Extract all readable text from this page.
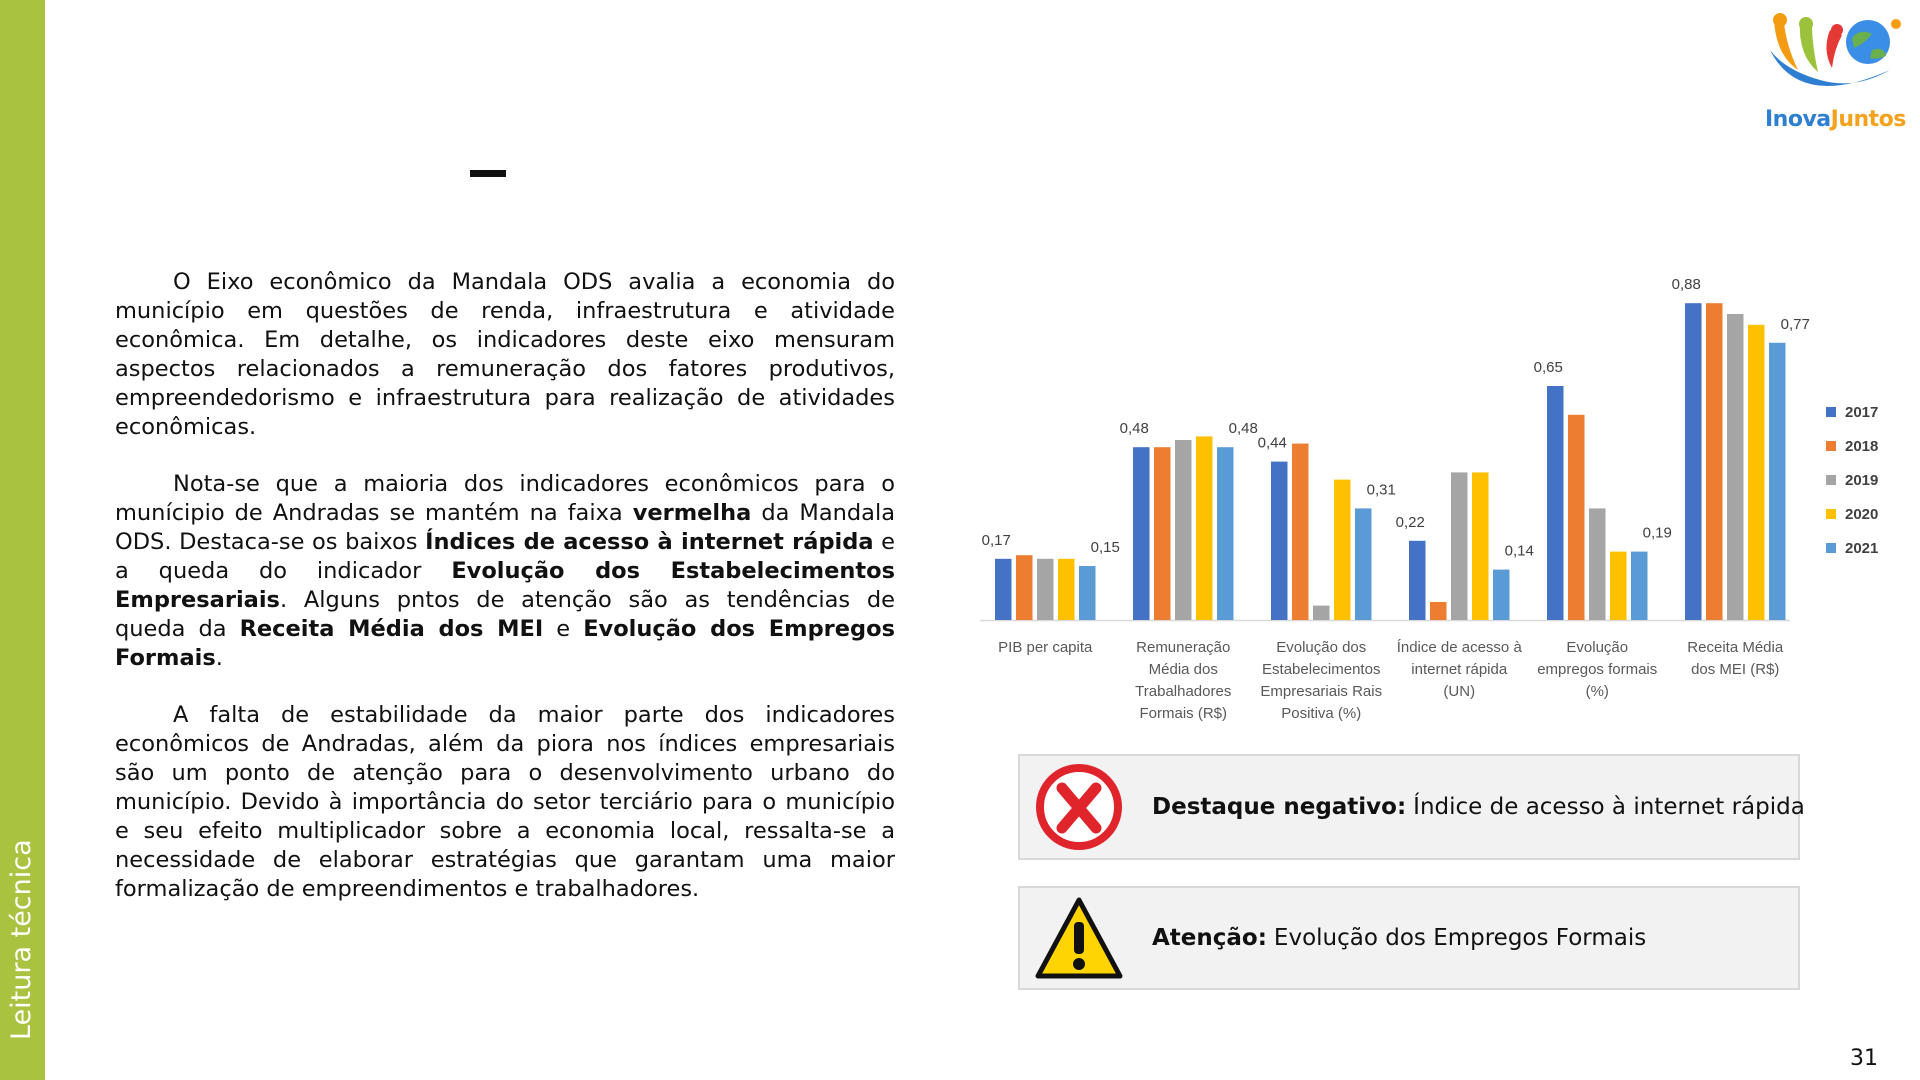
Leitura técnica
InovaJuntos

O Eixo econômico da Mandala ODS avalia a economia do município em questões de renda, infraestrutura e atividade econômica. Em detalhe, os indicadores deste eixo mensuram aspectos relacionados a remuneração dos fatores produtivos, empreendedorismo e infraestrutura para realização de atividades econômicas.

Nota-se que a maioria dos indicadores econômicos para o munícipio de Andradas se mantém na faixa vermelha da Mandala ODS. Destaca-se os baixos Índices de acesso à internet rápida e a queda do indicador Evolução dos Estabelecimentos Empresariais. Alguns pntos de atenção são as tendências de queda da Receita Média dos MEI e Evolução dos Empregos Formais.

A falta de estabilidade da maior parte dos indicadores econômicos de Andradas, além da piora nos índices empresariais são um ponto de atenção para o desenvolvimento urbano do município. Devido à importância do setor terciário para o município e seu efeito multiplicador sobre a economia local, ressalta-se a necessidade de elaborar estratégias que garantam uma maior formalização de empreendimentos e trabalhadores.

PIB per capita	Remuneração
Média dos
Trabalhadores
Formais (R$)
Evolução dos
Estabelecimentos
Empresariais Rais
Positiva (%)
Índice de acesso à
internet rápida
(UN)
Evolução
empregos formais
(%)
Receita Média
dos MEI (R$)
0,17	0,15
0,48	0,48
0,44
0,31
0,22
0,14
0,65
0,19
0,88
0,77
2017
2018
2019
2020
2021
Destaque negativo: Índice de acesso à internet rápida
Atenção: Evolução dos Empregos Formais
31
